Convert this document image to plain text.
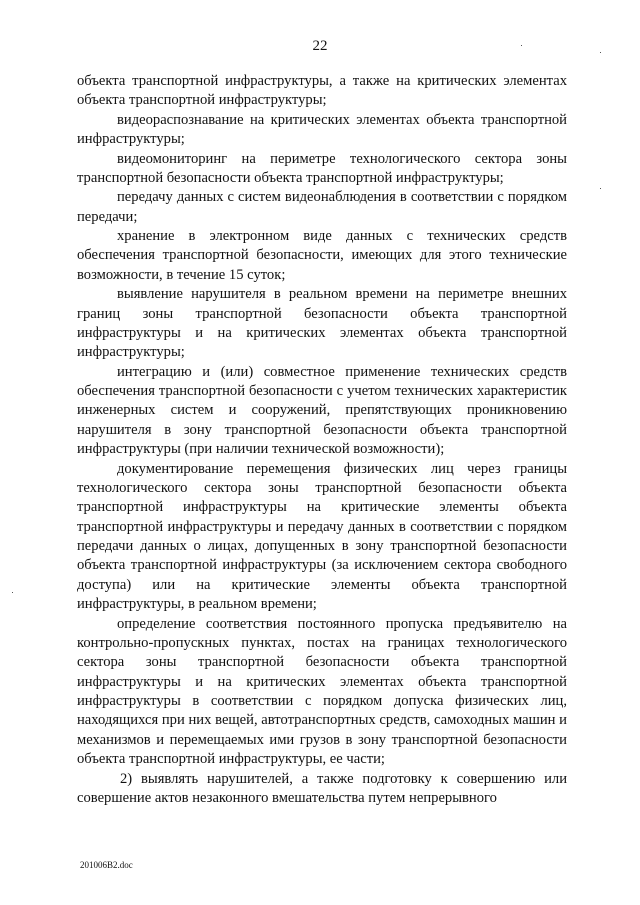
22

объекта транспортной инфраструктуры, а также на критических элементах объекта транспортной инфраструктуры;

видеораспознавание на критических элементах объекта транспортной инфраструктуры;

видеомониторинг на периметре технологического сектора зоны транспортной безопасности объекта транспортной инфраструктуры;

передачу данных с систем видеонаблюдения в соответствии с порядком передачи;

хранение в электронном виде данных с технических средств обеспечения транспортной безопасности, имеющих для этого технические возможности, в течение 15 суток;

выявление нарушителя в реальном времени на периметре внешних границ зоны транспортной безопасности объекта транспортной инфраструктуры и на критических элементах объекта транспортной инфраструктуры;

интеграцию и (или) совместное применение технических средств обеспечения транспортной безопасности с учетом технических характеристик инженерных систем и сооружений, препятствующих проникновению нарушителя в зону транспортной безопасности объекта транспортной инфраструктуры (при наличии технической возможности);

документирование перемещения физических лиц через границы технологического сектора зоны транспортной безопасности объекта транспортной инфраструктуры на критические элементы объекта транспортной инфраструктуры и передачу данных в соответствии с порядком передачи данных о лицах, допущенных в зону транспортной безопасности объекта транспортной инфраструктуры (за исключением сектора свободного доступа) или на критические элементы объекта транспортной инфраструктуры, в реальном времени;

определение соответствия постоянного пропуска предъявителю на контрольно-пропускных пунктах, постах на границах технологического сектора зоны транспортной безопасности объекта транспортной инфраструктуры и на критических элементах объекта транспортной инфраструктуры в соответствии с порядком допуска физических лиц, находящихся при них вещей, автотранспортных средств, самоходных машин и механизмов и перемещаемых ими грузов в зону транспортной безопасности объекта транспортной инфраструктуры, ее части;

2) выявлять нарушителей, а также подготовку к совершению или совершение актов незаконного вмешательства путем непрерывного

201006В2.doc
